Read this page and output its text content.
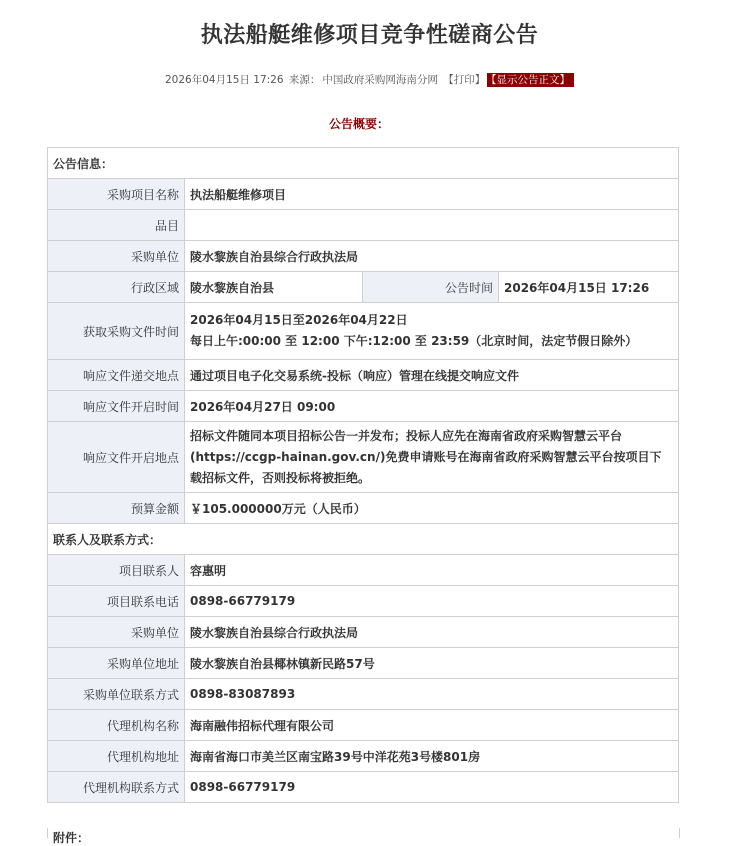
执法船艇维修项目竞争性磋商公告
2026年04月15日 17:26 来源： 中国政府采购网海南分网 【打印】 【显示公告正文】
公告概要：
公告信息：			
采购项目名称	执法船艇维修项目		
品目			
采购单位	陵水黎族自治县综合行政执法局		
行政区域	陵水黎族自治县	公告时间	2026年04月15日 17:26
获取采购文件时间	2026年04月15日至2026年04月22日
每日上午:00:00 至 12:00 下午:12:00 至 23:59（北京时间，法定节假日除外）		

响应文件递交地点	通过项目电子化交易系统-投标（响应）管理在线提交响应文件		
响应文件开启时间	2026年04月27日 09:00		
响应文件开启地点	招标文件随同本项目招标公告一并发布；投标人应先在海南省政府采购智慧云平台(https://ccgp-hainan.gov.cn/)免费申请账号在海南省政府采购智慧云平台按项目下载招标文件，否则投标将被拒绝。		
预算金额	￥105.000000万元（人民币）		
联系人及联系方式：			
项目联系人	容惠明		
项目联系电话	0898-66779179		
采购单位	陵水黎族自治县综合行政执法局		
采购单位地址	陵水黎族自治县椰林镇新民路57号		
采购单位联系方式	0898-83087893		
代理机构名称	海南融伟招标代理有限公司		
代理机构地址	海南省海口市美兰区南宝路39号中洋花苑3号楼801房		
代理机构联系方式	0898-66779179		
附件：
